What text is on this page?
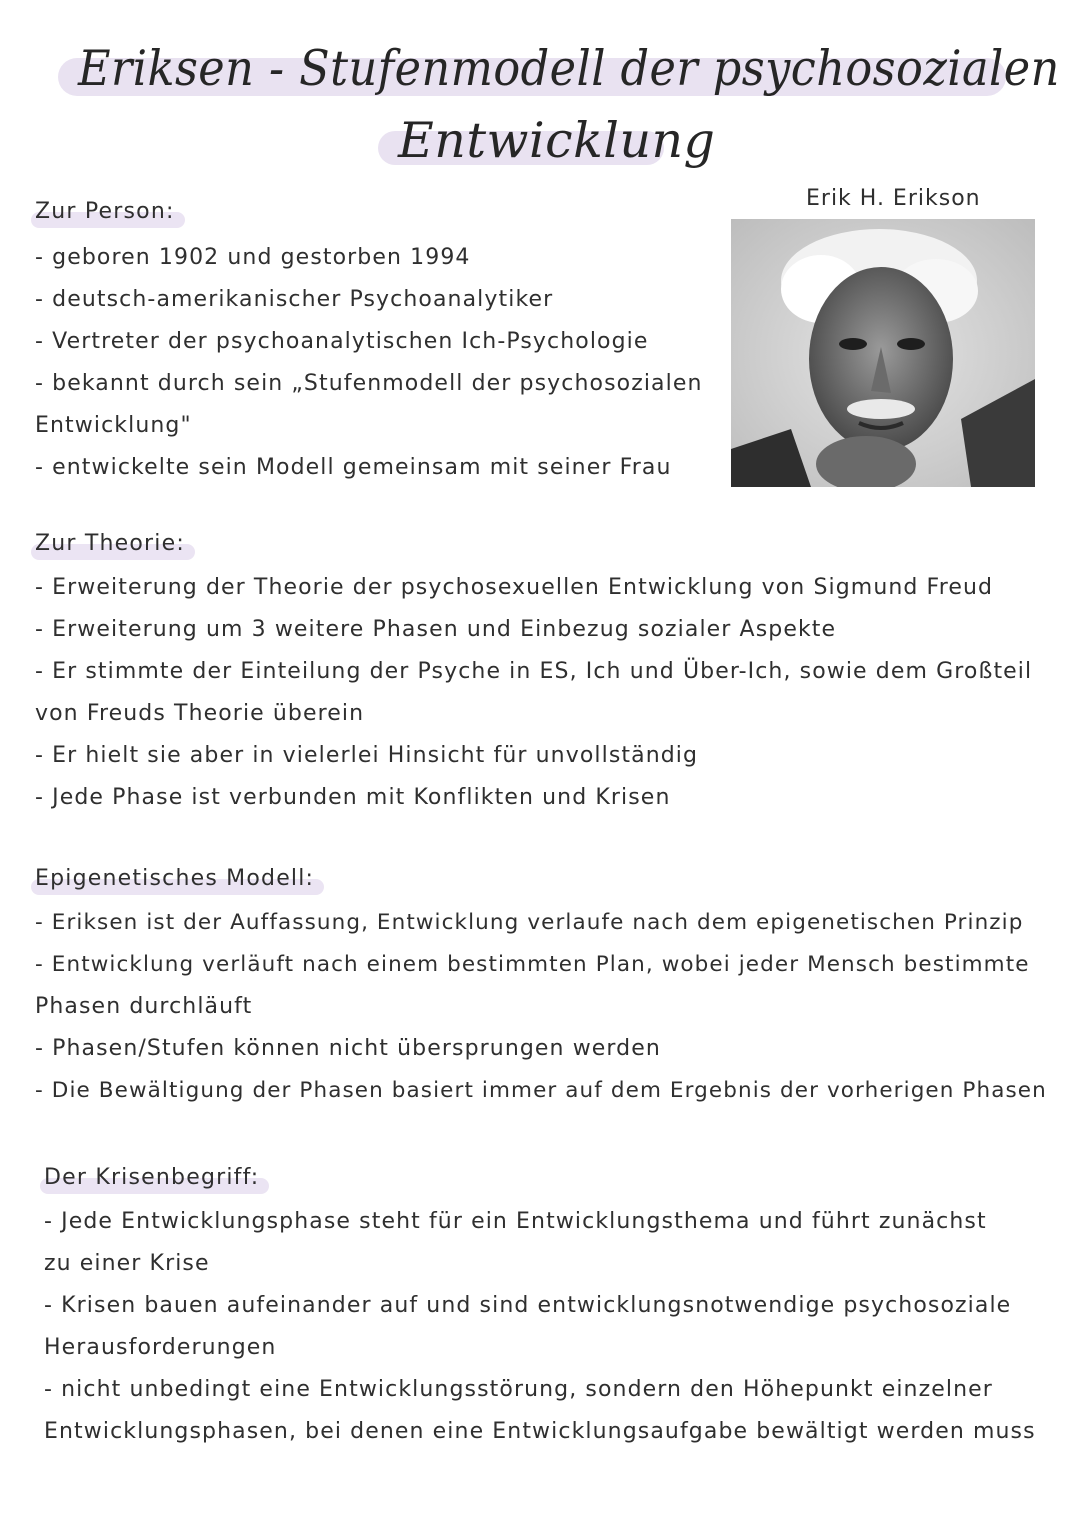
Eriksen - Stufenmodell der psychosozialen
Entwicklung
Erik H. Erikson
Zur Person:
- geboren 1902 und gestorben 1994
- deutsch-amerikanischer Psychoanalytiker
- Vertreter der psychoanalytischen Ich-Psychologie
- bekannt durch sein „Stufenmodell der psychosozialen
Entwicklung"
- entwickelte sein Modell gemeinsam mit seiner Frau
Zur Theorie:
- Erweiterung der Theorie der psychosexuellen Entwicklung von Sigmund Freud
- Erweiterung um 3 weitere Phasen und Einbezug sozialer Aspekte
- Er stimmte der Einteilung der Psyche in ES, Ich und Über-Ich, sowie dem Großteil
von Freuds Theorie überein
- Er hielt sie aber in vielerlei Hinsicht für unvollständig
- Jede Phase ist verbunden mit Konflikten und Krisen
Epigenetisches Modell:
- Eriksen ist der Auffassung, Entwicklung verlaufe nach dem epigenetischen Prinzip
- Entwicklung verläuft nach einem bestimmten Plan, wobei jeder Mensch bestimmte
Phasen durchläuft
- Phasen/Stufen können nicht übersprungen werden
- Die Bewältigung der Phasen basiert immer auf dem Ergebnis der vorherigen Phasen
Der Krisenbegriff:
- Jede Entwicklungsphase steht für ein Entwicklungsthema und führt zunächst
zu einer Krise
- Krisen bauen aufeinander auf und sind entwicklungsnotwendige psychosoziale
Herausforderungen
- nicht unbedingt eine Entwicklungsstörung, sondern den Höhepunkt einzelner
Entwicklungsphasen, bei denen eine Entwicklungsaufgabe bewältigt werden muss
